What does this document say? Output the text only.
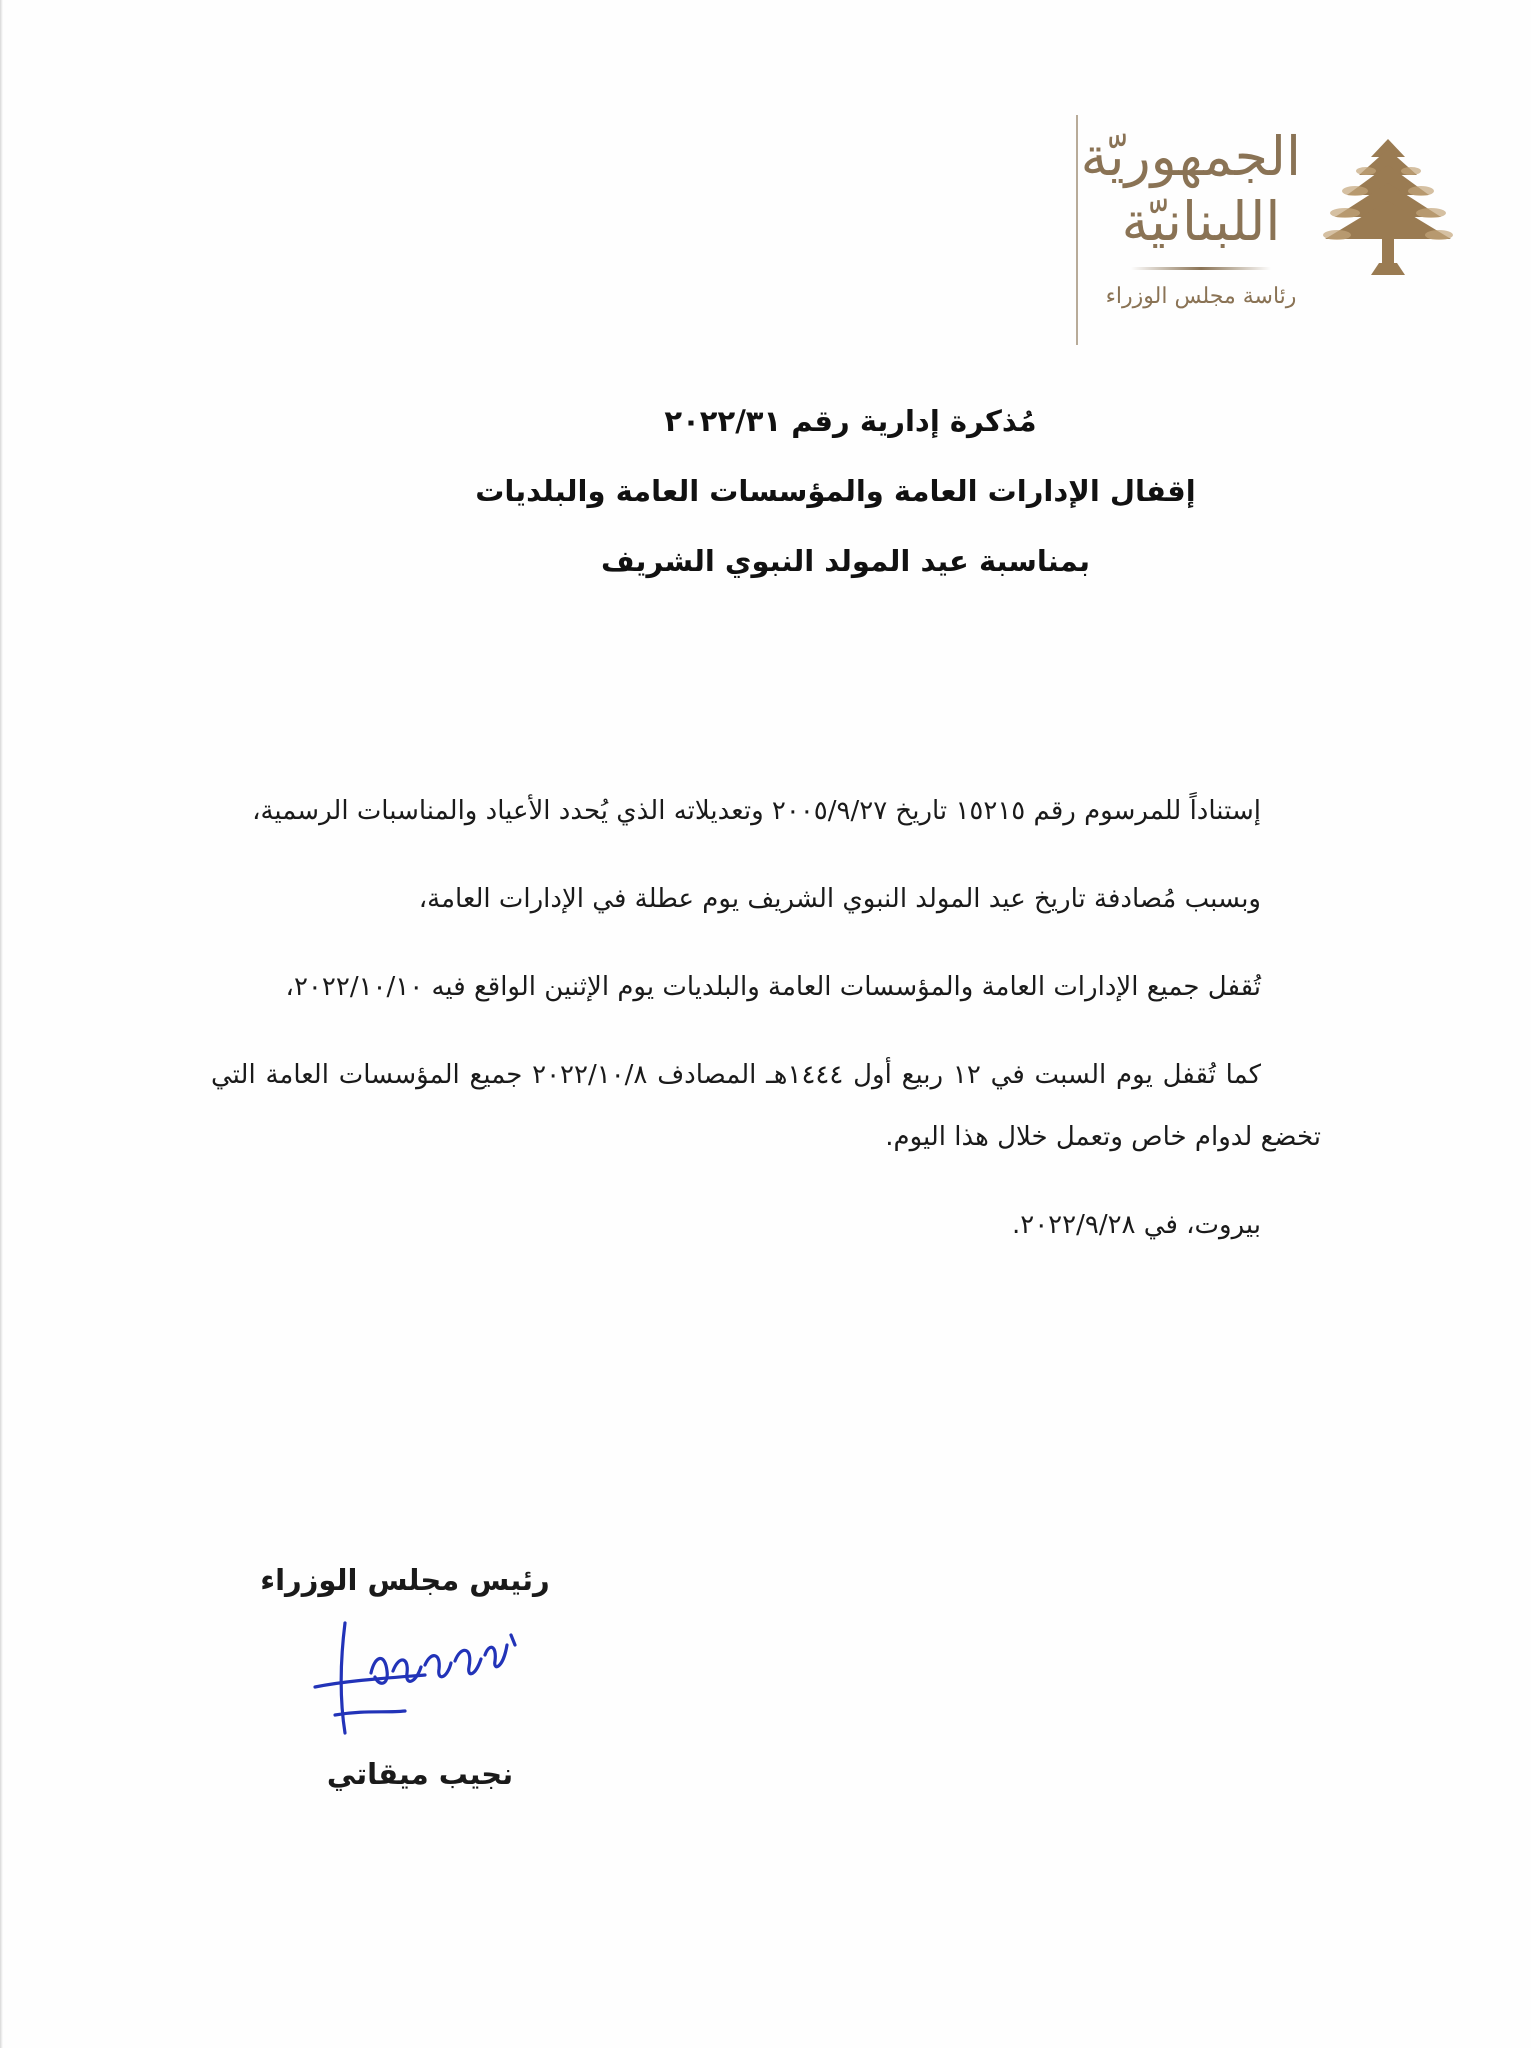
الجمهوريّة
اللبنانيّة
رئاسة مجلس الوزراء
مُذكرة إدارية رقم ٢٠٢٢/٣١
إقفال الإدارات العامة والمؤسسات العامة والبلديات
بمناسبة عيد المولد النبوي الشريف

إستناداً للمرسوم رقم ١٥٢١٥ تاريخ ٢٠٠٥/٩/٢٧ وتعديلاته الذي يُحدد الأعياد والمناسبات الرسمية،

وبسبب مُصادفة تاريخ عيد المولد النبوي الشريف يوم عطلة في الإدارات العامة،

تُقفل جميع الإدارات العامة والمؤسسات العامة والبلديات يوم الإثنين الواقع فيه ٢٠٢٢/١٠/١٠،

كما تُقفل يوم السبت في ١٢ ربيع أول ١٤٤٤هـ المصادف ٢٠٢٢/١٠/٨ جميع المؤسسات العامة التي تخضع لدوام خاص وتعمل خلال هذا اليوم.

بيروت، في ٢٠٢٢/٩/٢٨.

رئيس مجلس الوزراء
نجيب ميقاتي
